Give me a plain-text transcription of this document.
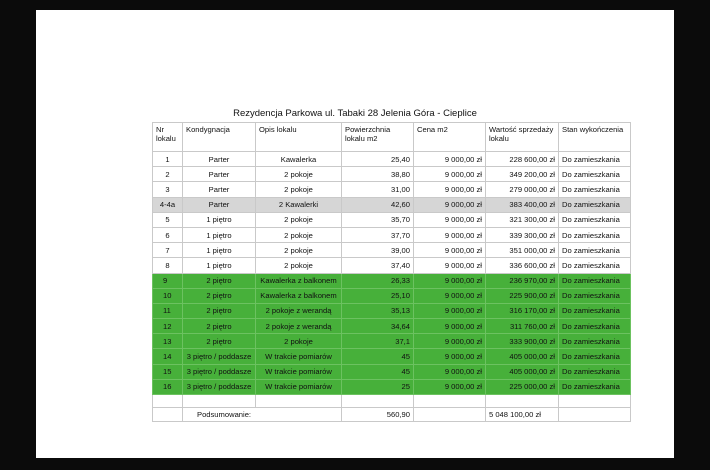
Rezydencja Parkowa ul. Tabaki 28 Jelenia Góra - Cieplice
Nr lokalu	Kondygnacja	Opis lokalu	Powierzchnia lokalu m2	Cena m2	Wartość sprzedaży lokalu	Stan wykończenia
1	Parter	Kawalerka	25,40	9 000,00 zł	228 600,00 zł	Do zamieszkania
2	Parter	2 pokoje	38,80	9 000,00 zł	349 200,00 zł	Do zamieszkania
3	Parter	2 pokoje	31,00	9 000,00 zł	279 000,00 zł	Do zamieszkania
4-4a	Parter	2 Kawalerki	42,60	9 000,00 zł	383 400,00 zł	Do zamieszkania
5	1 piętro	2 pokoje	35,70	9 000,00 zł	321 300,00 zł	Do zamieszkania
6	1 piętro	2 pokoje	37,70	9 000,00 zł	339 300,00 zł	Do zamieszkania
7	1 piętro	2 pokoje	39,00	9 000,00 zł	351 000,00 zł	Do zamieszkania
8	1 piętro	2 pokoje	37,40	9 000,00 zł	336 600,00 zł	Do zamieszkania
9	2 piętro	Kawalerka z balkonem	26,33	9 000,00 zł	236 970,00 zł	Do zamieszkania
10	2 piętro	Kawalerka z balkonem	25,10	9 000,00 zł	225 900,00 zł	Do zamieszkania
11	2 piętro	2 pokoje z werandą	35,13	9 000,00 zł	316 170,00 zł	Do zamieszkania
12	2 piętro	2 pokoje z werandą	34,64	9 000,00 zł	311 760,00 zł	Do zamieszkania
13	2 piętro	2 pokoje	37,1	9 000,00 zł	333 900,00 zł	Do zamieszkania
14	3 piętro / poddasze	W trakcie pomiarów	45	9 000,00 zł	405 000,00 zł	Do zamieszkania
15	3 piętro / poddasze	W trakcie pomiarów	45	9 000,00 zł	405 000,00 zł	Do zamieszkania
16	3 piętro / poddasze	W trakcie pomiarów	25	9 000,00 zł	225 000,00 zł	Do zamieszkania

	Podsumowanie:		560,90		5 048 100,00 zł	
